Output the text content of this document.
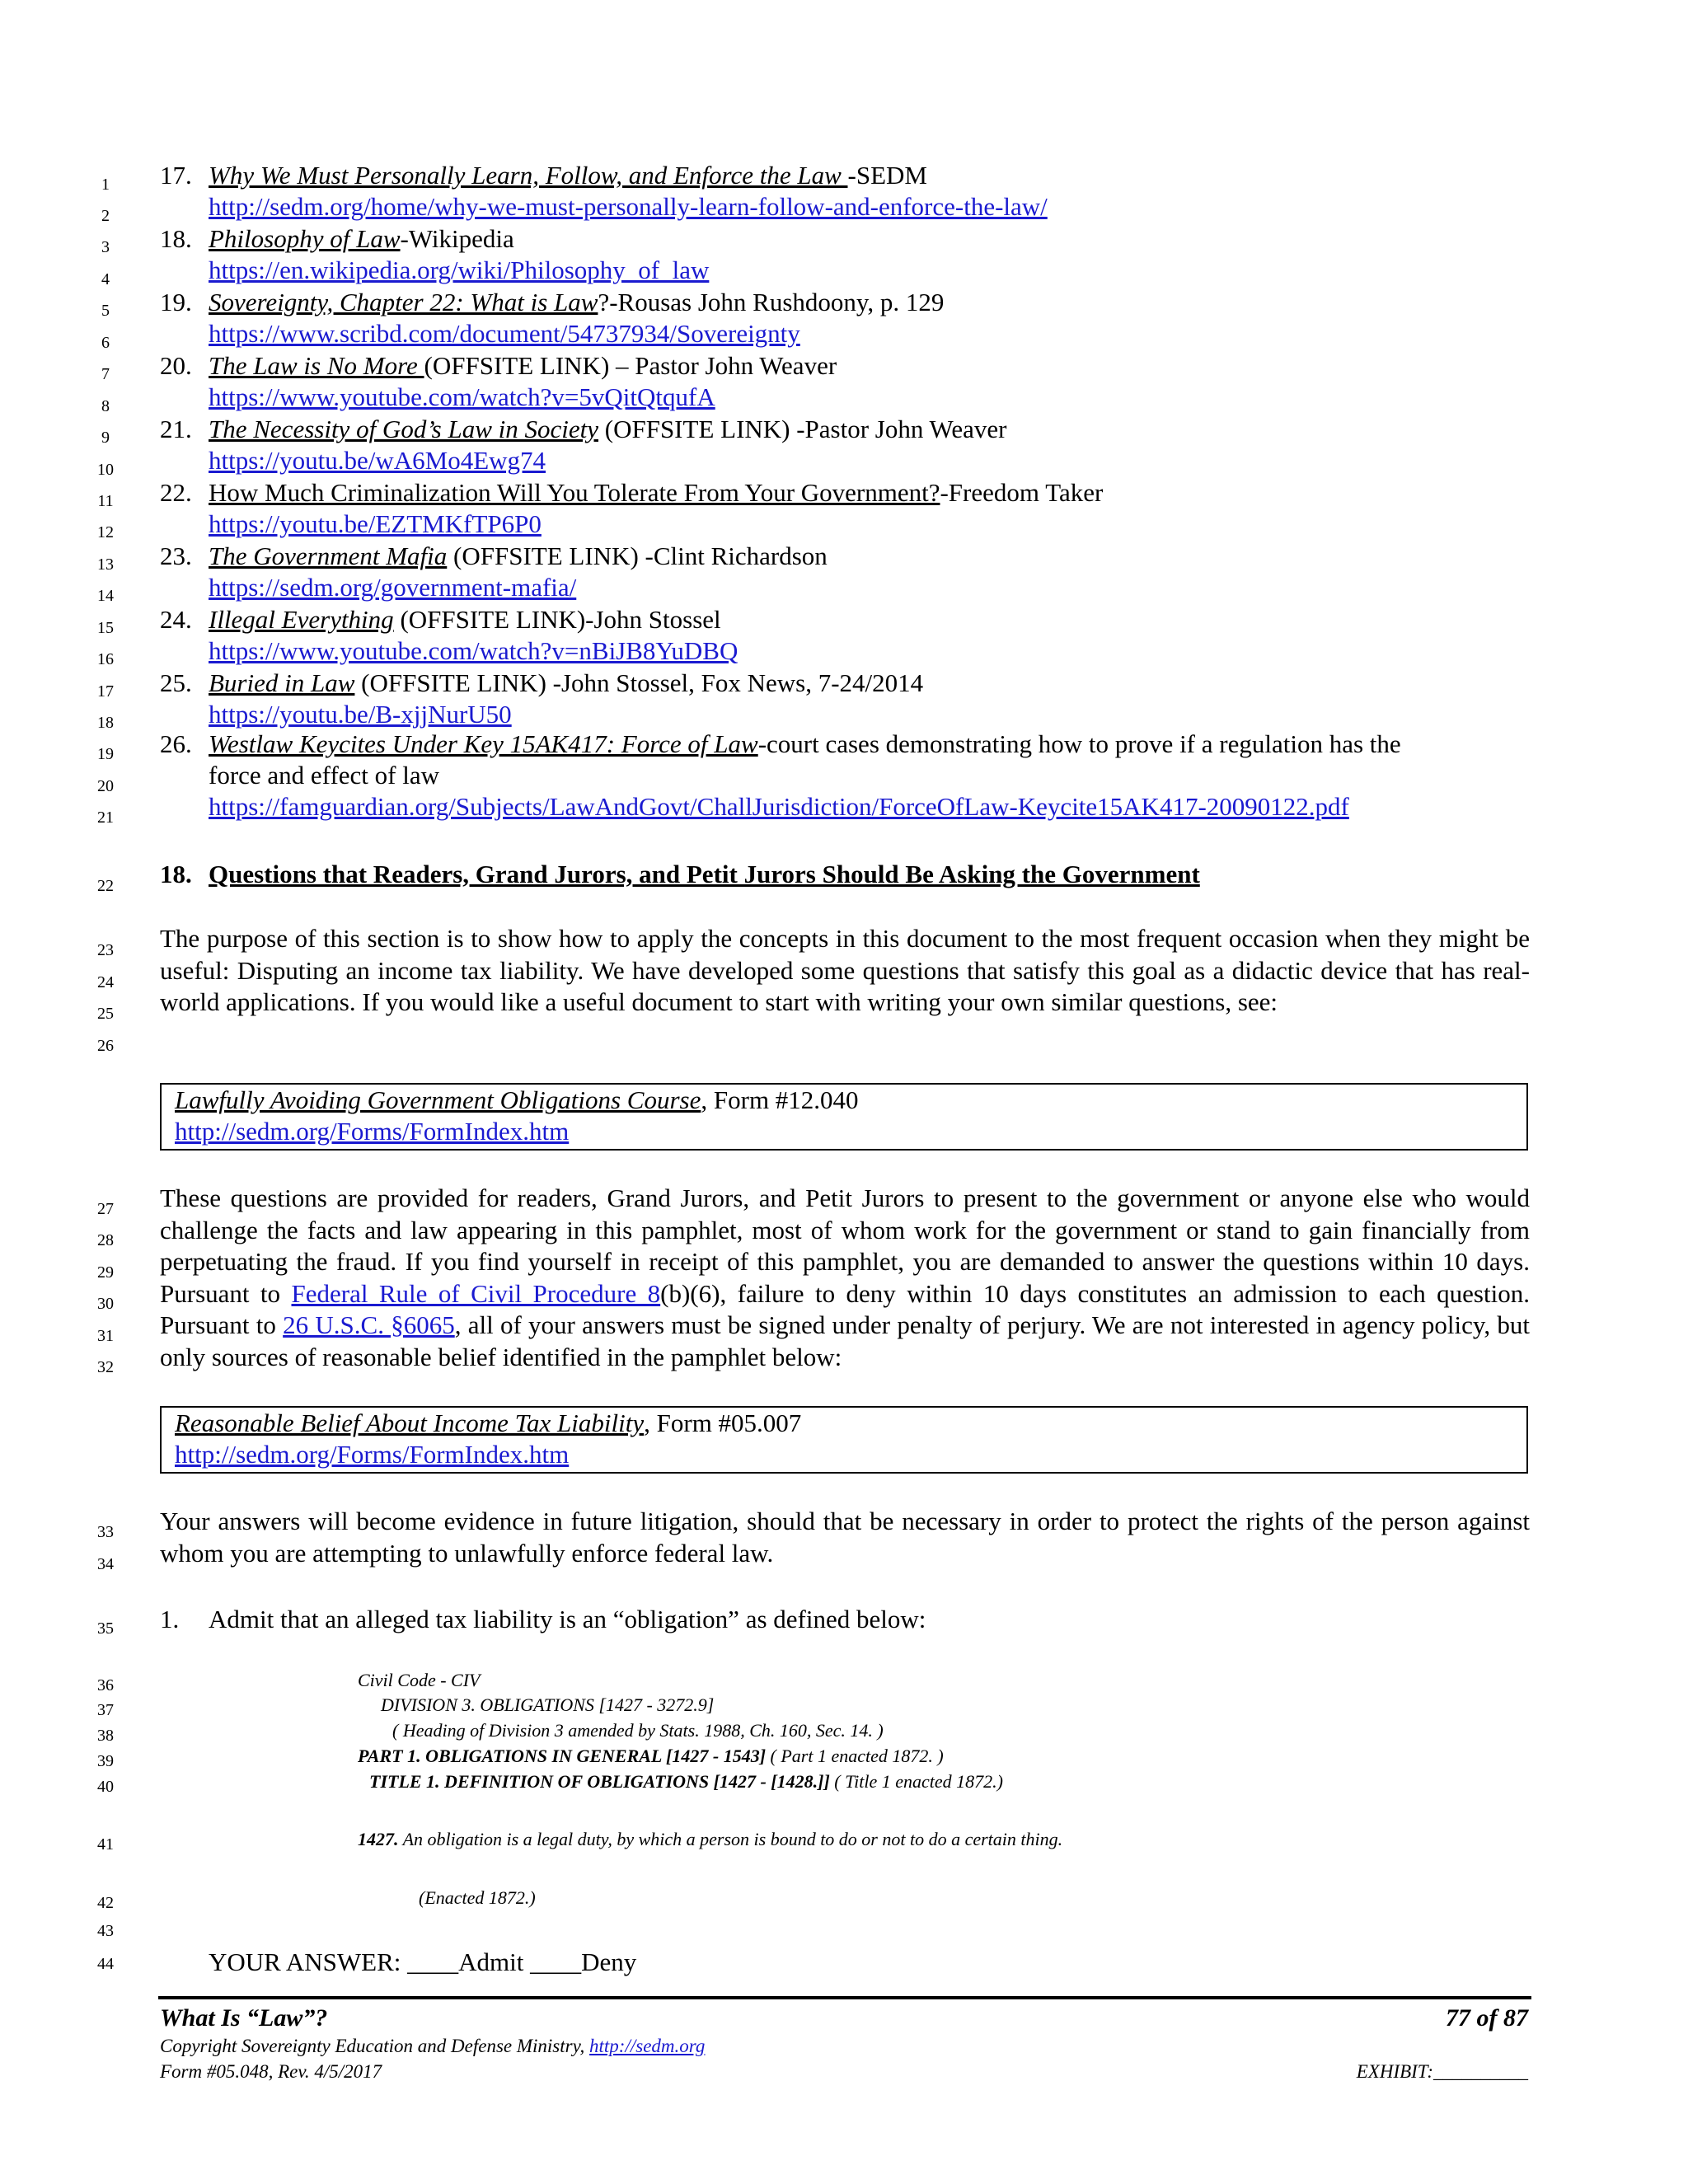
1
2
3
4
5
6
7
8
9
10
11
12
13
14
15
16
17
18
19
20
21
22
23
24
25
26
27
28
29
30
31
32
33
34
35
36
37
38
39
40
41
42
43
44
17. Why We Must Personally Learn, Follow, and Enforce the Law -SEDM
http://sedm.org/home/why-we-must-personally-learn-follow-and-enforce-the-law/
18. Philosophy of Law-Wikipedia
https://en.wikipedia.org/wiki/Philosophy_of_law
19. Sovereignty, Chapter 22: What is Law?-Rousas John Rushdoony, p. 129
https://www.scribd.com/document/54737934/Sovereignty
20. The Law is No More (OFFSITE LINK) – Pastor John Weaver
https://www.youtube.com/watch?v=5vQitQtqufA
21. The Necessity of God’s Law in Society (OFFSITE LINK) -Pastor John Weaver
https://youtu.be/wA6Mo4Ewg74
22. How Much Criminalization Will You Tolerate From Your Government?-Freedom Taker
https://youtu.be/EZTMKfTP6P0
23. The Government Mafia (OFFSITE LINK) -Clint Richardson
https://sedm.org/government-mafia/
24. Illegal Everything (OFFSITE LINK)-John Stossel
https://www.youtube.com/watch?v=nBiJB8YuDBQ
25. Buried in Law (OFFSITE LINK) -John Stossel, Fox News, 7-24/2014
https://youtu.be/B-xjjNurU50
26. Westlaw Keycites Under Key 15AK417: Force of Law-court cases demonstrating how to prove if a regulation has the
force and effect of law
https://famguardian.org/Subjects/LawAndGovt/ChallJurisdiction/ForceOfLaw-Keycite15AK417-20090122.pdf
18. Questions that Readers, Grand Jurors, and Petit Jurors Should Be Asking the Government
The purpose of this section is to show how to apply the concepts in this document to the most frequent occasion when they might be useful: Disputing an income tax liability. We have developed some questions that satisfy this goal as a didactic device that has real-world applications. If you would like a useful document to start with writing your own similar questions, see:
Lawfully Avoiding Government Obligations Course, Form #12.040
http://sedm.org/Forms/FormIndex.htm
These questions are provided for readers, Grand Jurors, and Petit Jurors to present to the government or anyone else who would challenge the facts and law appearing in this pamphlet, most of whom work for the government or stand to gain financially from perpetuating the fraud. If you find yourself in receipt of this pamphlet, you are demanded to answer the questions within 10 days. Pursuant to Federal Rule of Civil Procedure 8(b)(6), failure to deny within 10 days constitutes an admission to each question. Pursuant to 26 U.S.C. §6065, all of your answers must be signed under penalty of perjury. We are not interested in agency policy, but only sources of reasonable belief identified in the pamphlet below:
Reasonable Belief About Income Tax Liability, Form #05.007
http://sedm.org/Forms/FormIndex.htm
Your answers will become evidence in future litigation, should that be necessary in order to protect the rights of the person against whom you are attempting to unlawfully enforce federal law.
1. Admit that an alleged tax liability is an “obligation” as defined below:
Civil Code - CIV
DIVISION 3. OBLIGATIONS [1427 - 3272.9]
( Heading of Division 3 amended by Stats. 1988, Ch. 160, Sec. 14. )
PART 1. OBLIGATIONS IN GENERAL [1427 - 1543] ( Part 1 enacted 1872. )
TITLE 1. DEFINITION OF OBLIGATIONS [1427 - [1428.]] ( Title 1 enacted 1872.)
1427. An obligation is a legal duty, by which a person is bound to do or not to do a certain thing.
(Enacted 1872.)
YOUR ANSWER: ____Admit ____Deny
What Is “Law”?	77 of 87
Copyright Sovereignty Education and Defense Ministry, http://sedm.org
Form #05.048, Rev. 4/5/2017	EXHIBIT:__________
